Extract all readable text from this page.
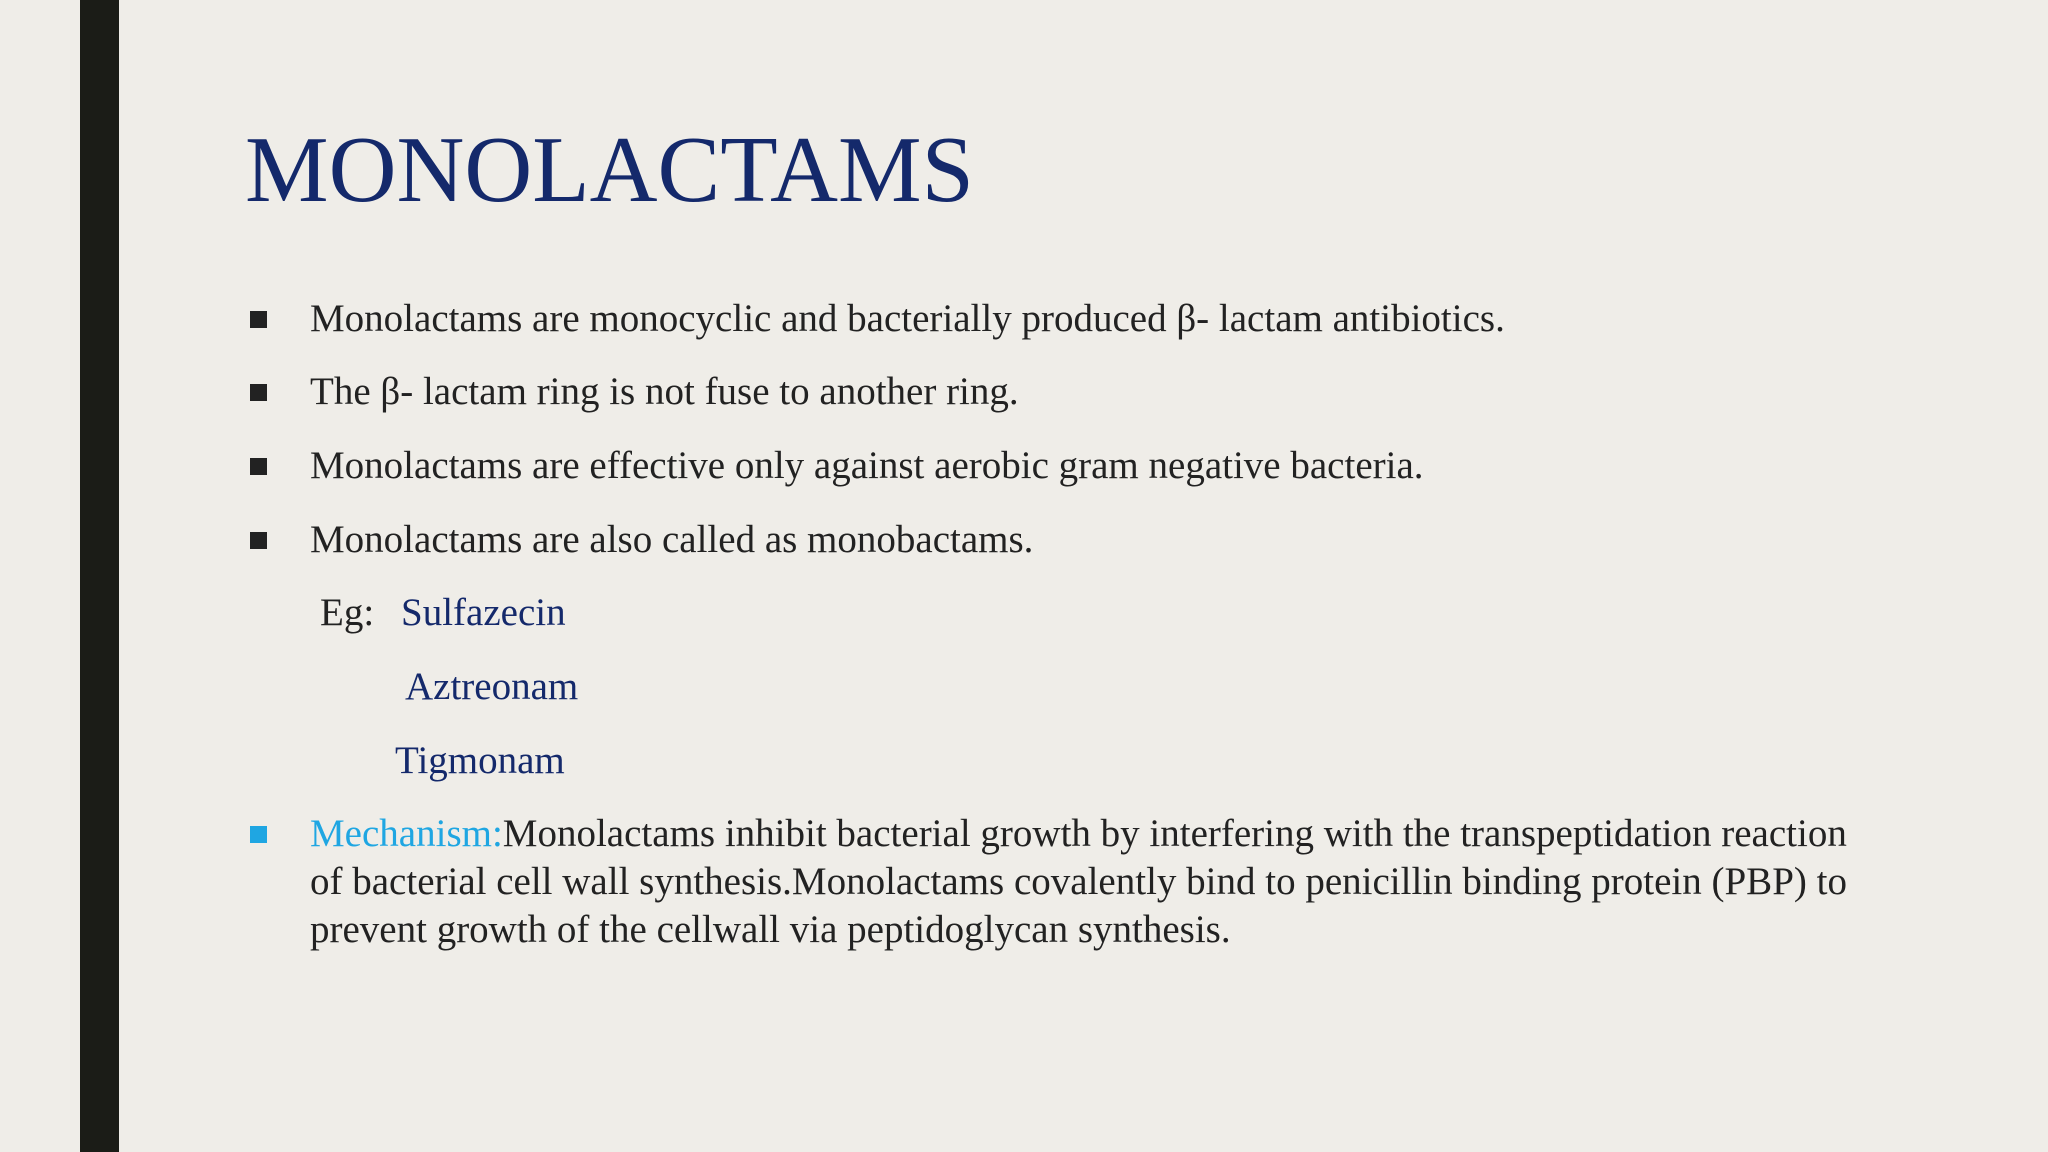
MONOLACTAMS
Monolactams are monocyclic and bacterially produced β- lactam antibiotics.
The β- lactam ring is not fuse to another ring.
Monolactams are effective only against aerobic gram negative bacteria.
Monolactams are also called as monobactams.
Eg: Sulfazecin
Aztreonam
Tigmonam
Mechanism:Monolactams inhibit bacterial growth by interfering with the transpeptidation reaction of bacterial cell wall synthesis.Monolactams covalently bind to penicillin binding protein (PBP) to prevent growth of the cellwall via peptidoglycan synthesis.
